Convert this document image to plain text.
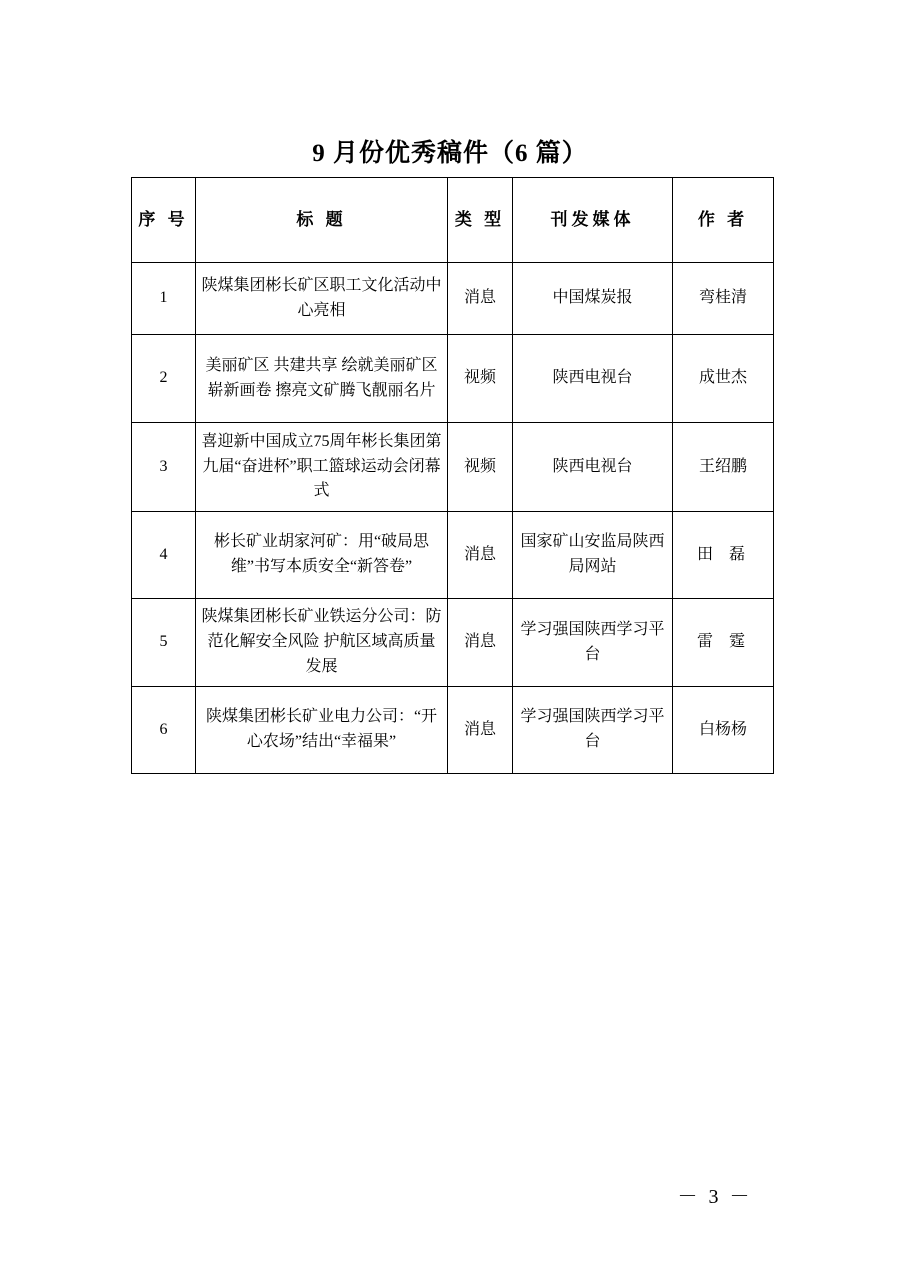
9 月份优秀稿件（6 篇）
序 号	标 题	类 型	刊发媒体	作 者
1	陕煤集团彬长矿区职工文化活动中心亮相	消息	中国煤炭报	弯桂清
2	美丽矿区 共建共享 绘就美丽矿区崭新画卷 擦亮文矿腾飞靓丽名片	视频	陕西电视台	成世杰
3	喜迎新中国成立75周年彬长集团第九届“奋进杯”职工篮球运动会闭幕式	视频	陕西电视台	王绍鹏
4	彬长矿业胡家河矿：用“破局思维”书写本质安全“新答卷”	消息	国家矿山安监局陕西局网站	田 磊
5	陕煤集团彬长矿业铁运分公司：防范化解安全风险 护航区域高质量发展	消息	学习强国陕西学习平台	雷 霆
6	陕煤集团彬长矿业电力公司：“开心农场”结出“幸福果”	消息	学习强国陕西学习平台	白杨杨
－ 3 －
